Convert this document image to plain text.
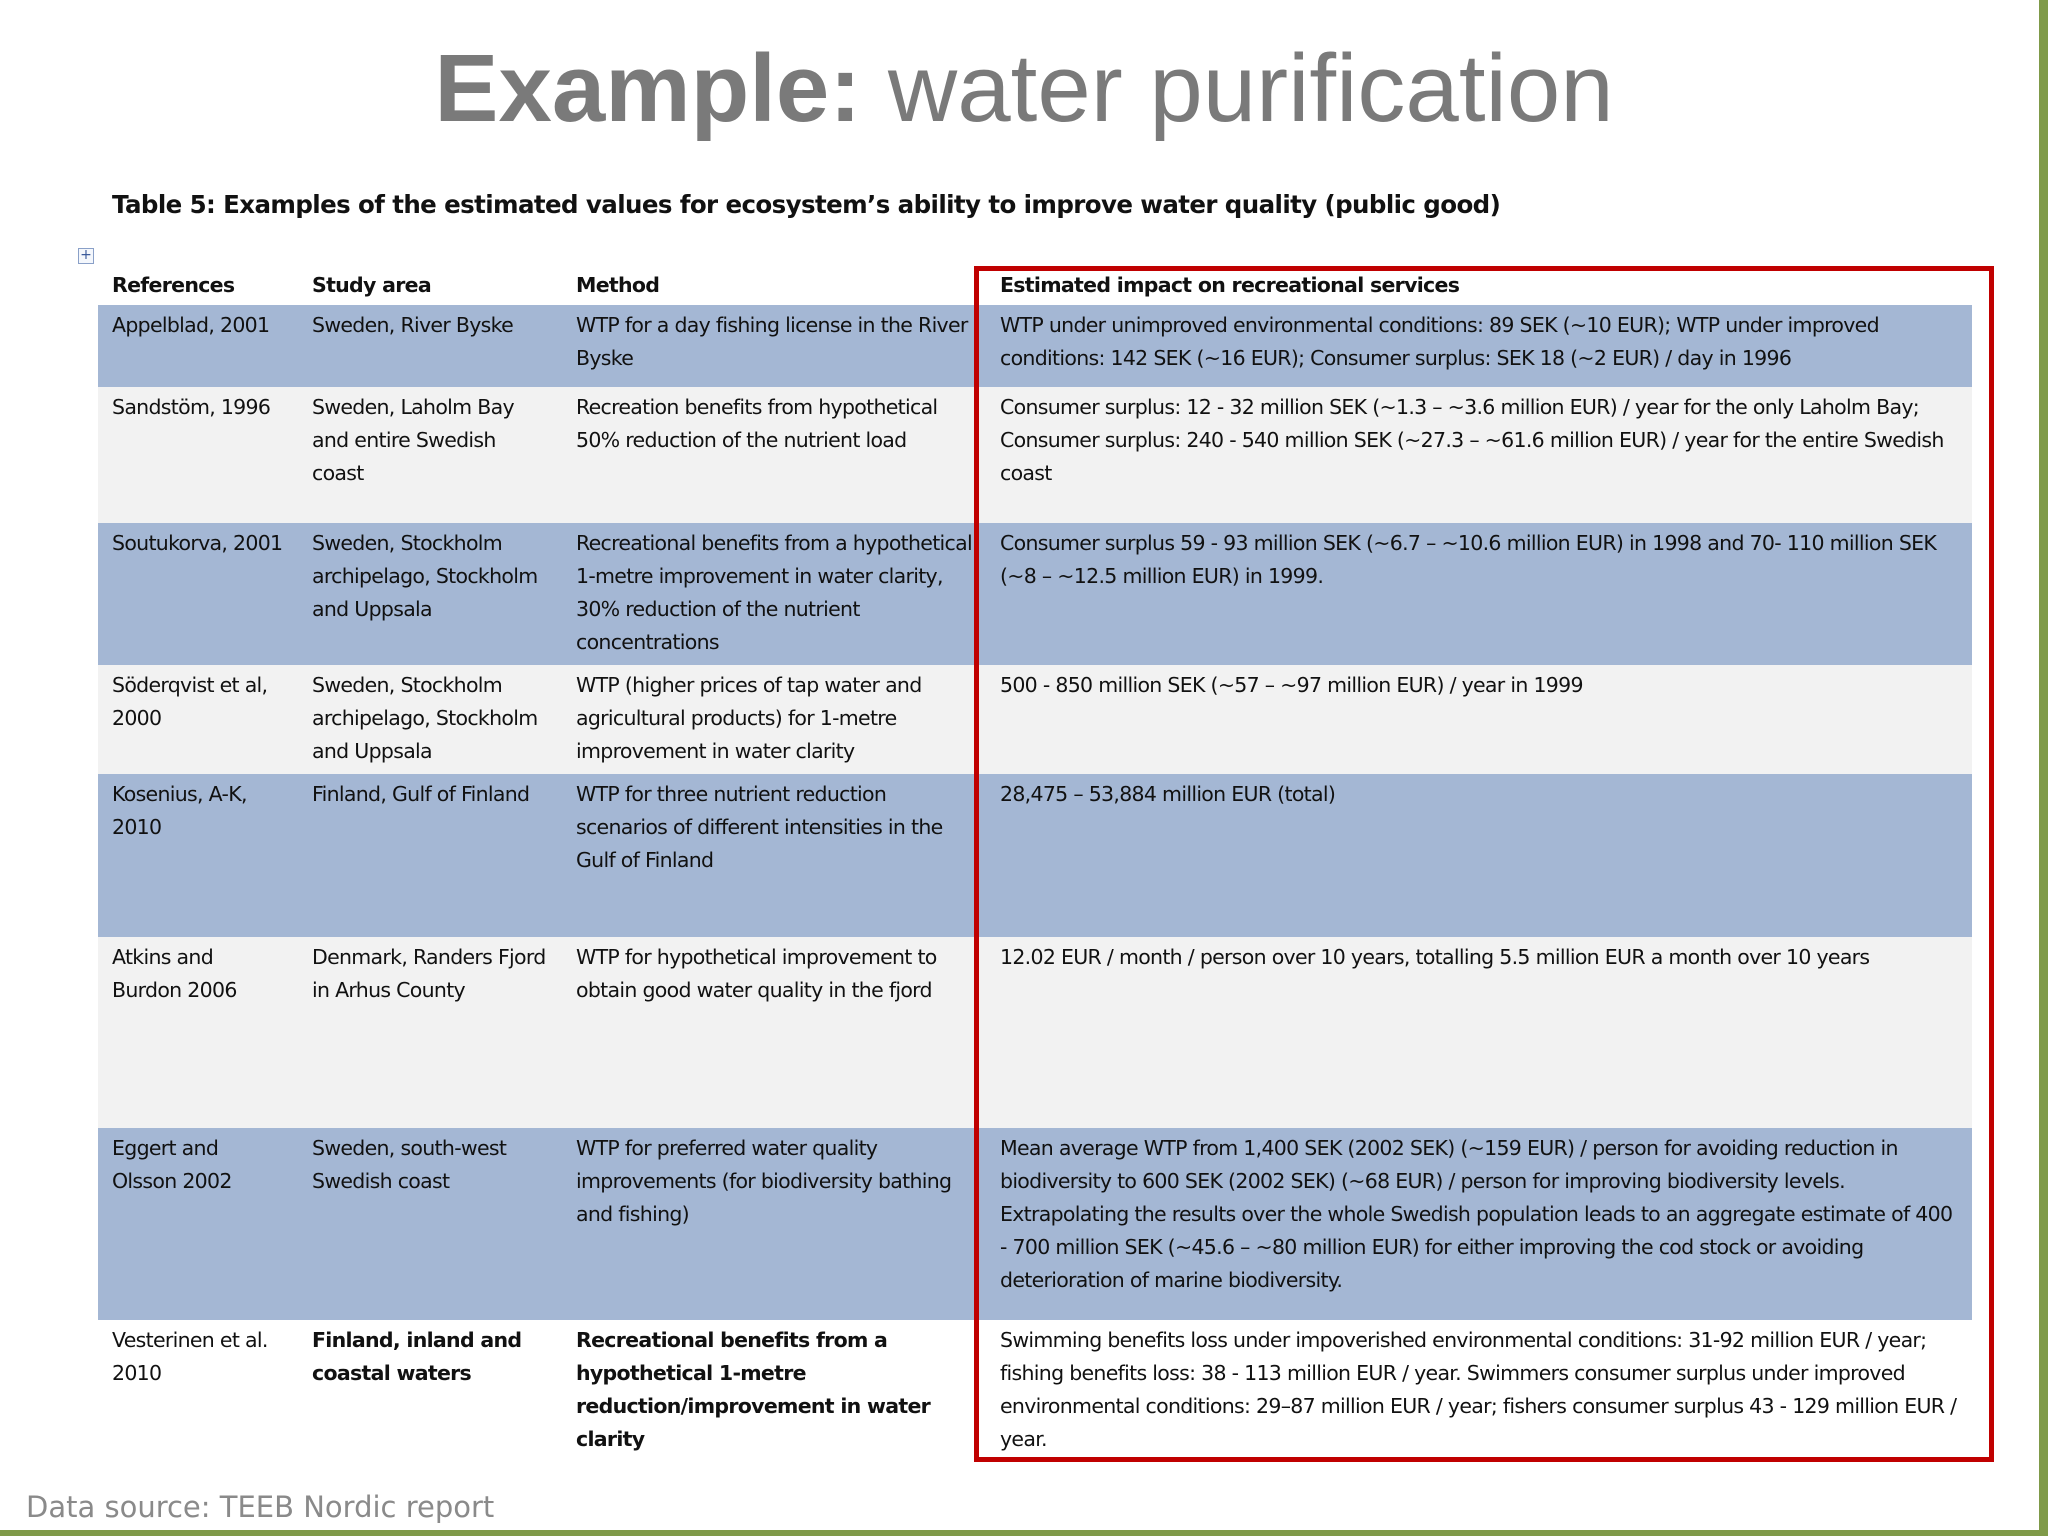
Example: water purification
Table 5: Examples of the estimated values for ecosystem’s ability to improve water quality (public good)
+
References	Study area	Method	Estimated impact on recreational services
Appelblad, 2001	Sweden, River Byske	WTP for a day fishing license in the River Byske	WTP under unimproved environmental conditions: 89 SEK (~10 EUR); WTP under improved conditions: 142 SEK (~16 EUR); Consumer surplus: SEK 18 (~2 EUR) / day in 1996
Sandstöm, 1996	Sweden, Laholm Bay and entire Swedish coast	Recreation benefits from hypothetical 50% reduction of the nutrient load	Consumer surplus: 12 - 32 million SEK (~1.3 – ~3.6 million EUR) / year for the only Laholm Bay; Consumer surplus: 240 - 540 million SEK (~27.3 – ~61.6 million EUR) / year for the entire Swedish coast
Soutukorva, 2001	Sweden, Stockholm archipelago, Stockholm and Uppsala	Recreational benefits from a hypothetical 1-metre improvement in water clarity, 30% reduction of the nutrient concentrations	Consumer surplus 59 - 93 million SEK (~6.7 – ~10.6 million EUR) in 1998 and 70- 110 million SEK (~8 – ~12.5 million EUR) in 1999.
Söderqvist et al, 2000	Sweden, Stockholm archipelago, Stockholm and Uppsala	WTP (higher prices of tap water and agricultural products) for 1-metre improvement in water clarity	500 - 850 million SEK (~57 – ~97 million EUR) / year in 1999
Kosenius, A-K, 2010	Finland, Gulf of Finland	WTP for three nutrient reduction scenarios of different intensities in the Gulf of Finland	28,475 – 53,884 million EUR (total)
Atkins and Burdon 2006	Denmark, Randers Fjord in Arhus County	WTP for hypothetical improvement to obtain good water quality in the fjord	12.02 EUR / month / person over 10 years, totalling 5.5 million EUR a month over 10 years
Eggert and Olsson 2002	Sweden, south-west Swedish coast	WTP for preferred water quality improvements (for biodiversity bathing and fishing)	Mean average WTP from 1,400 SEK (2002 SEK) (~159 EUR) / person for avoiding reduction in biodiversity to 600 SEK (2002 SEK) (~68 EUR) / person for improving biodiversity levels. Extrapolating the results over the whole Swedish population leads to an aggregate estimate of 400 - 700 million SEK (~45.6 – ~80 million EUR) for either improving the cod stock or avoiding deterioration of marine biodiversity.
Vesterinen et al. 2010	Finland, inland and coastal waters	Recreational benefits from a hypothetical 1-metre reduction/improvement in water clarity	Swimming benefits loss under impoverished environmental conditions: 31-92 million EUR / year; fishing benefits loss: 38 - 113 million EUR / year. Swimmers consumer surplus under improved environmental conditions: 29–87 million EUR / year; fishers consumer surplus 43 - 129 million EUR / year.
Data source: TEEB Nordic report
